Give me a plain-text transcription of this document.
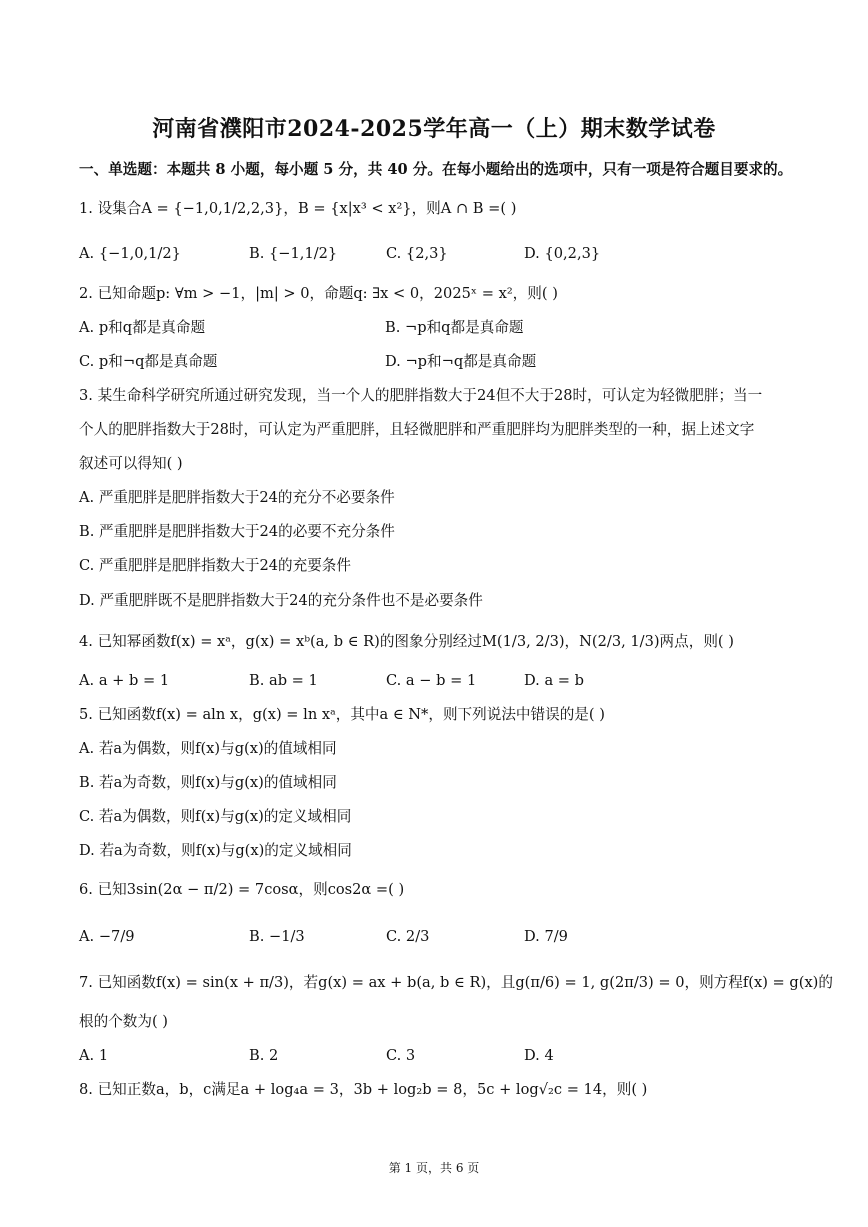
河南省濮阳市2024-2025学年高一（上）期末数学试卷
一、单选题：本题共 8 小题，每小题 5 分，共 40 分。在每小题给出的选项中，只有一项是符合题目要求的。
1. 设集合A = {−1,0,1/2,2,3}，B = {x|x³ < x²}，则A ∩ B =( )
A. {−1,0,1/2}	B. {−1,1/2}	C. {2,3}	D. {0,2,3}
2. 已知命题p: ∀m > −1，|m| > 0，命题q: ∃x < 0，2025ˣ = x²，则( )
A. p和q都是真命题	B. ¬p和q都是真命题
C. p和¬q都是真命题	D. ¬p和¬q都是真命题
3. 某生命科学研究所通过研究发现，当一个人的肥胖指数大于24但不大于28时，可认定为轻微肥胖；当一
个人的肥胖指数大于28时，可认定为严重肥胖，且轻微肥胖和严重肥胖均为肥胖类型的一种，据上述文字
叙述可以得知( )
A. 严重肥胖是肥胖指数大于24的充分不必要条件
B. 严重肥胖是肥胖指数大于24的必要不充分条件
C. 严重肥胖是肥胖指数大于24的充要条件
D. 严重肥胖既不是肥胖指数大于24的充分条件也不是必要条件
4. 已知幂函数f(x) = xᵃ，g(x) = xᵇ(a, b ∈ R)的图象分别经过M(1/3, 2/3)，N(2/3, 1/3)两点，则( )
A. a + b = 1	B. ab = 1	C. a − b = 1	D. a = b
5. 已知函数f(x) = aln x，g(x) = ln xᵃ，其中a ∈ N*，则下列说法中错误的是( )
A. 若a为偶数，则f(x)与g(x)的值域相同
B. 若a为奇数，则f(x)与g(x)的值域相同
C. 若a为偶数，则f(x)与g(x)的定义域相同
D. 若a为奇数，则f(x)与g(x)的定义域相同
6. 已知3sin(2α − π/2) = 7cosα，则cos2α =( )
A. −7/9	B. −1/3	C. 2/3	D. 7/9
7. 已知函数f(x) = sin(x + π/3)，若g(x) = ax + b(a, b ∈ R)，且g(π/6) = 1, g(2π/3) = 0，则方程f(x) = g(x)的
根的个数为( )
A. 1	B. 2	C. 3	D. 4
8. 已知正数a，b，c满足a + log₄a = 3，3b + log₂b = 8，5c + log√₂c = 14，则( )
第 1 页，共 6 页
